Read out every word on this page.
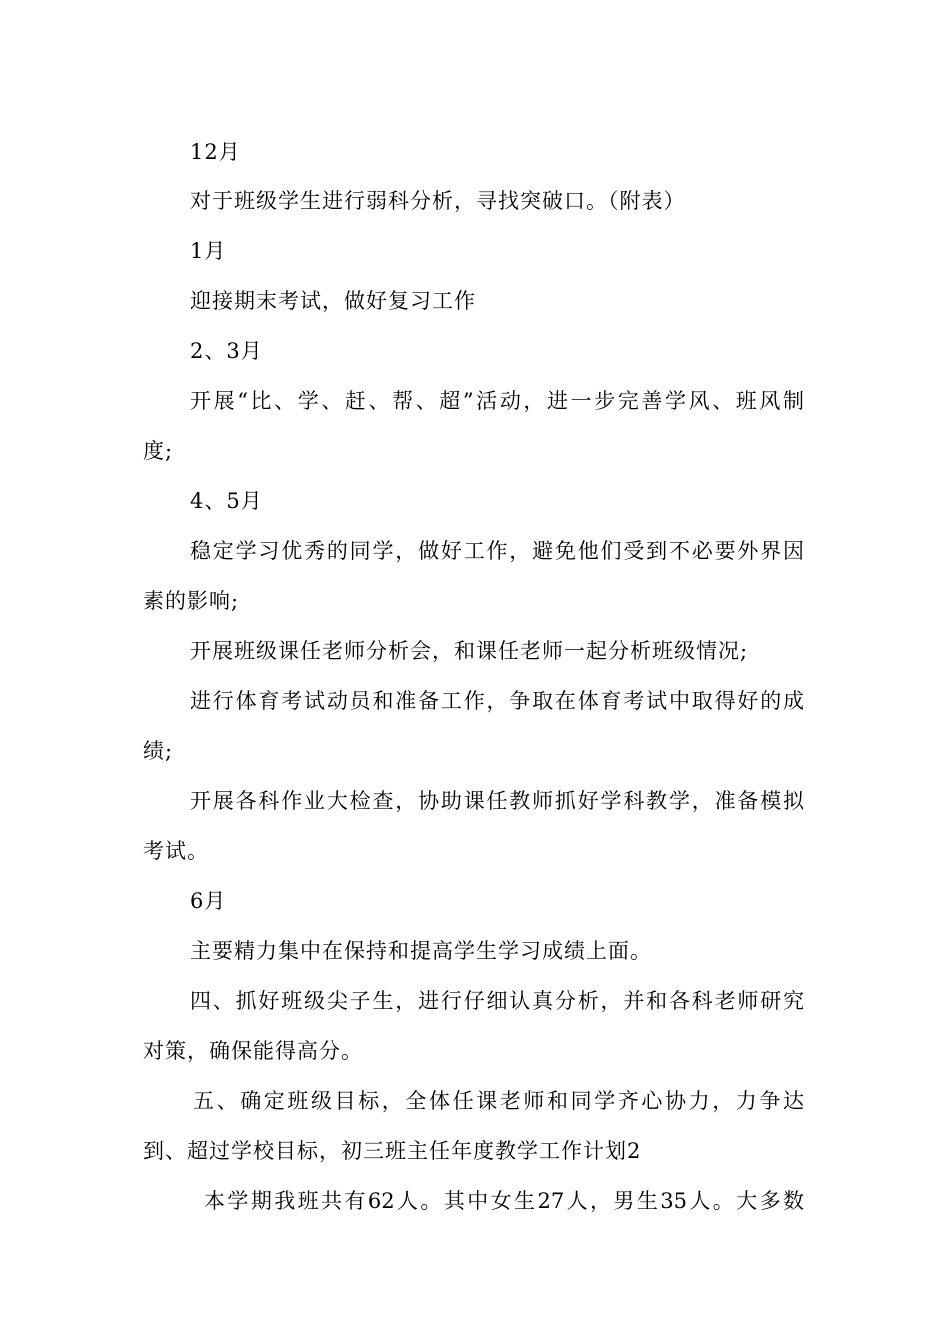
12月
对于班级学生进行弱科分析，寻找突破口。（附表）
1月
迎接期末考试，做好复习工作
2、3月
开展“比、学、赶、帮、超”活动，进一步完善学风、班风制
度;
4、5月
稳定学习优秀的同学，做好工作，避免他们受到不必要外界因
素的影响;
开展班级课任老师分析会，和课任老师一起分析班级情况;
进行体育考试动员和准备工作，争取在体育考试中取得好的成
绩;
开展各科作业大检查，协助课任教师抓好学科教学，准备模拟
考试。
6月
主要精力集中在保持和提高学生学习成绩上面。
四、抓好班级尖子生，进行仔细认真分析，并和各科老师研究
对策，确保能得高分。
五、确定班级目标，全体任课老师和同学齐心协力，力争达
到、超过学校目标，初三班主任年度教学工作计划2
本学期我班共有62人。其中女生27人，男生35人。大多数
